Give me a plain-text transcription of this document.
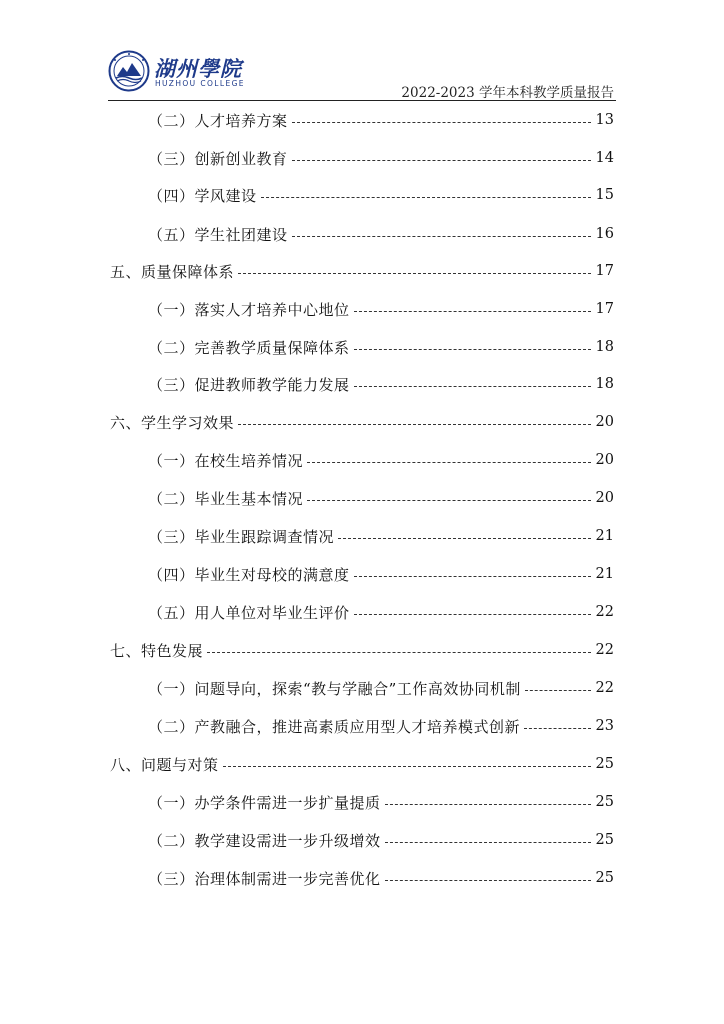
湖州學院
HUZHOU COLLEGE
2022-2023 学年本科教学质量报告
（二）人才培养方案	13
（三）创新创业教育	14
（四）学风建设	15
（五）学生社团建设	16
五、质量保障体系	17
（一）落实人才培养中心地位	17
（二）完善教学质量保障体系	18
（三）促进教师教学能力发展	18
六、学生学习效果	20
（一）在校生培养情况	20
（二）毕业生基本情况	20
（三）毕业生跟踪调查情况	21
（四）毕业生对母校的满意度	21
（五）用人单位对毕业生评价	22
七、特色发展	22
（一）问题导向，探索“教与学融合”工作高效协同机制	22
（二）产教融合，推进高素质应用型人才培养模式创新	23
八、问题与对策	25
（一）办学条件需进一步扩量提质	25
（二）教学建设需进一步升级增效	25
（三）治理体制需进一步完善优化	25
